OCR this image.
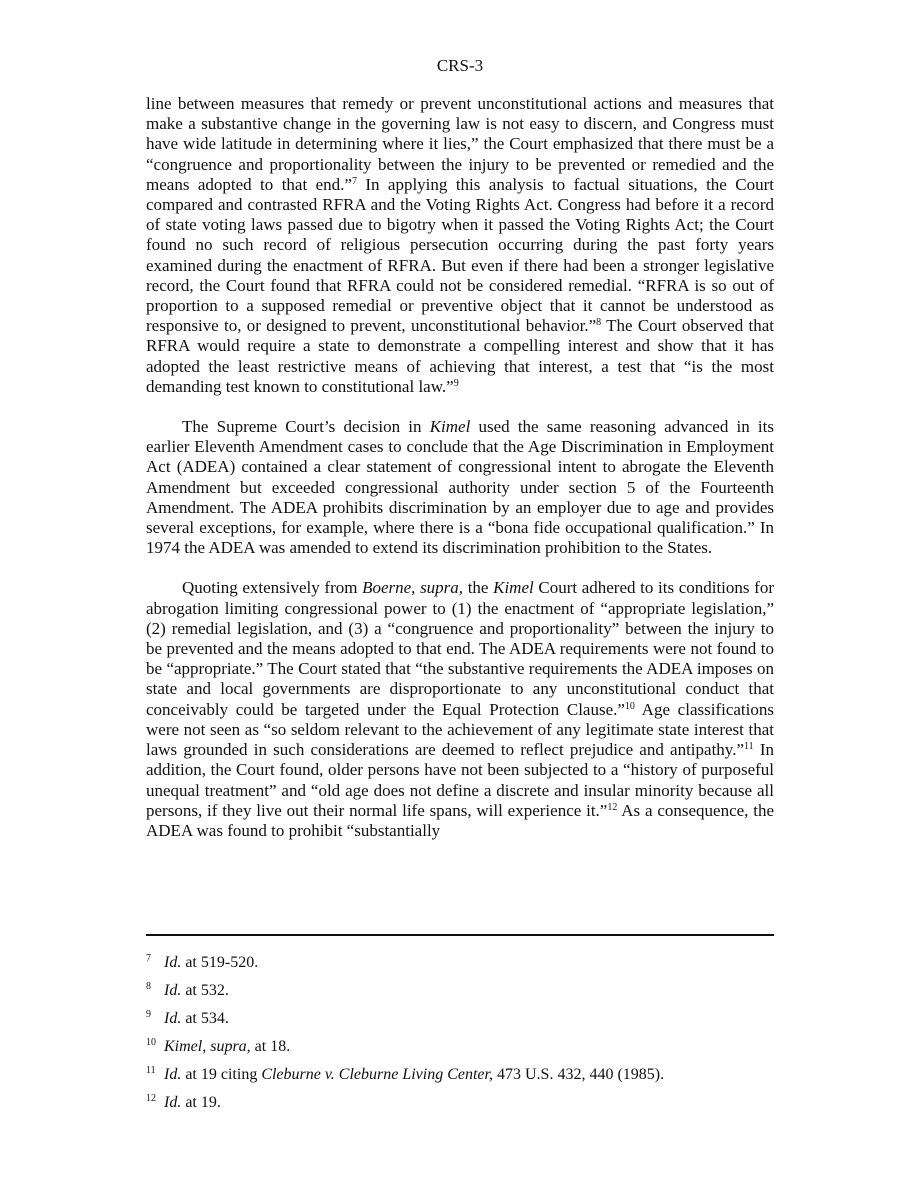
CRS-3

line between measures that remedy or prevent unconstitutional actions and measures that make a substantive change in the governing law is not easy to discern, and Congress must have wide latitude in determining where it lies,” the Court emphasized that there must be a “congruence and proportionality between the injury to be prevented or remedied and the means adopted to that end.”$^7$ In applying this analysis to factual situations, the Court compared and contrasted RFRA and the Voting Rights Act. Congress had before it a record of state voting laws passed due to bigotry when it passed the Voting Rights Act; the Court found no such record of religious persecution occurring during the past forty years examined during the enactment of RFRA. But even if there had been a stronger legislative record, the Court found that RFRA could not be considered remedial. “RFRA is so out of proportion to a supposed remedial or preventive object that it cannot be understood as responsive to, or designed to prevent, unconstitutional behavior.”$^8$ The Court observed that RFRA would require a state to demonstrate a compelling interest and show that it has adopted the least restrictive means of achieving that interest, a test that “is the most demanding test known to constitutional law.”$^9$

The Supreme Court’s decision in Kimel used the same reasoning advanced in its earlier Eleventh Amendment cases to conclude that the Age Discrimination in Employment Act (ADEA) contained a clear statement of congressional intent to abrogate the Eleventh Amendment but exceeded congressional authority under section 5 of the Fourteenth Amendment. The ADEA prohibits discrimination by an employer due to age and provides several exceptions, for example, where there is a “bona fide occupational qualification.” In 1974 the ADEA was amended to extend its discrimination prohibition to the States.

Quoting extensively from Boerne, supra, the Kimel Court adhered to its conditions for abrogation limiting congressional power to (1) the enactment of “appropriate legislation,” (2) remedial legislation, and (3) a “congruence and proportionality” between the injury to be prevented and the means adopted to that end. The ADEA requirements were not found to be “appropriate.” The Court stated that “the substantive requirements the ADEA imposes on state and local governments are disproportionate to any unconstitutional conduct that conceivably could be targeted under the Equal Protection Clause.”$^{10}$ Age classifications were not seen as “so seldom relevant to the achievement of any legitimate state interest that laws grounded in such considerations are deemed to reflect prejudice and antipathy.”$^{11}$ In addition, the Court found, older persons have not been subjected to a “history of purposeful unequal treatment” and “old age does not define a discrete and insular minority because all persons, if they live out their normal life spans, will experience it.”$^{12}$ As a consequence, the ADEA was found to prohibit “substantially

7 Id. at 519-520.
8 Id. at 532.
9 Id. at 534.
10 Kimel, supra, at 18.
11 Id. at 19 citing Cleburne v. Cleburne Living Center, 473 U.S. 432, 440 (1985).
12 Id. at 19.
